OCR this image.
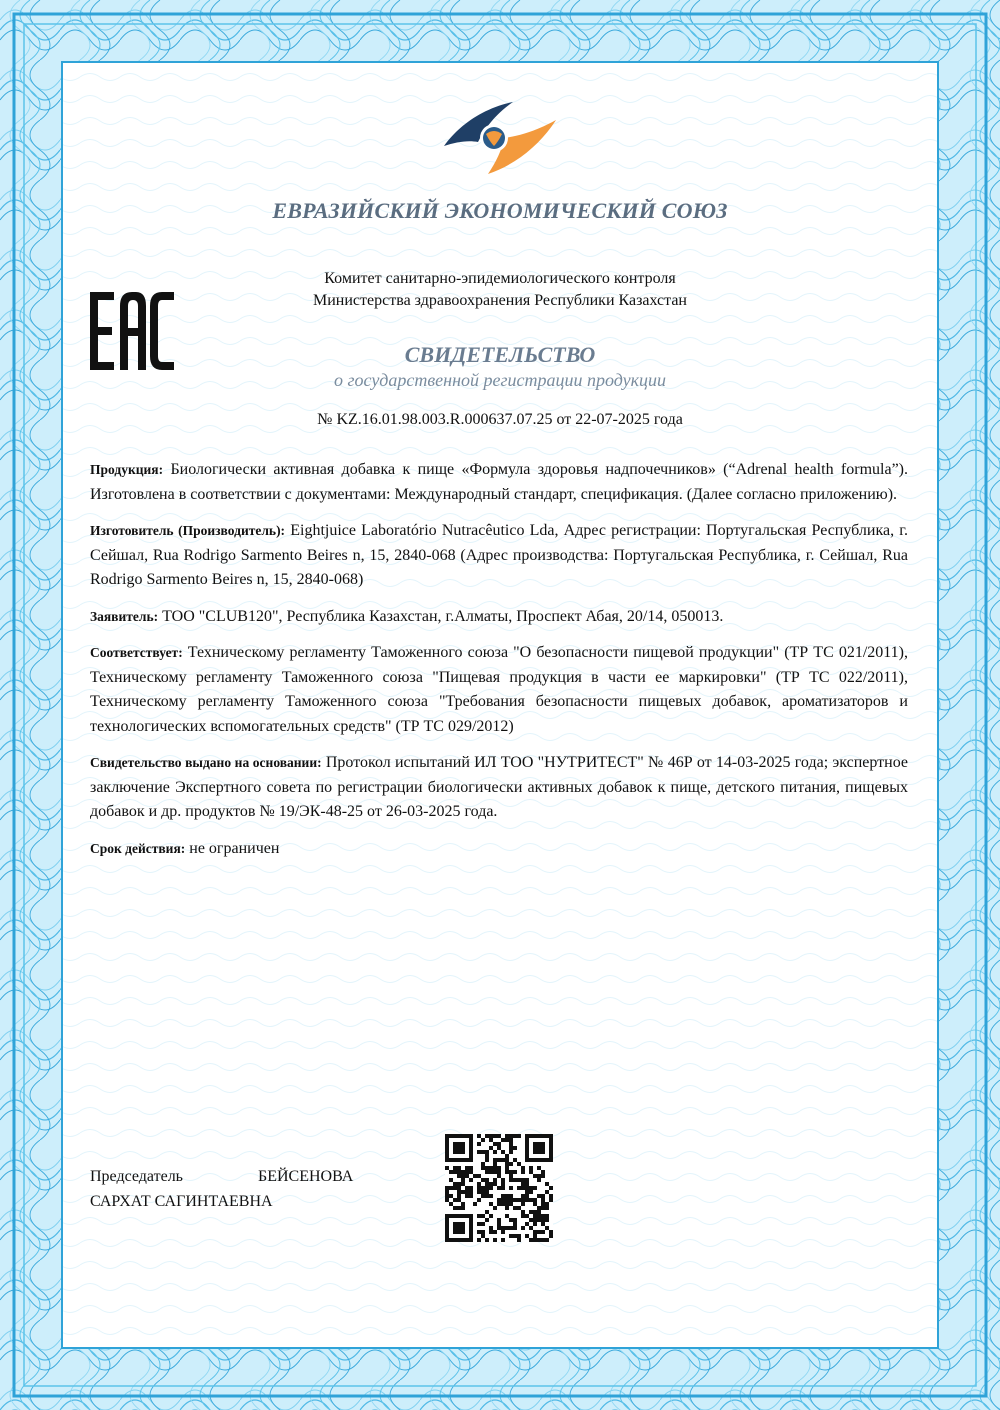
ЕВРАЗИЙСКИЙ ЭКОНОМИЧЕСКИЙ СОЮЗ
Комитет санитарно-эпидемиологического контроля
Министерства здравоохранения Республики Казахстан
СВИДЕТЕЛЬСТВО
о государственной регистрации продукции
№ KZ.16.01.98.003.R.000637.07.25 от 22-07-2025 года

Продукция: Биологически активная добавка к пище «Формула здоровья надпочечников» (“Adrenal health formula”). Изготовлена в соответствии с документами: Международный стандарт, спецификация. (Далее согласно приложению).

Изготовитель (Производитель): Eightjuice Laboratório Nutracêutico Lda, Адрес регистрации: Португальская Республика, г. Сейшал, Rua Rodrigo Sarmento Beires n, 15, 2840-068 (Адрес производства: Португальская Республика, г. Сейшал, Rua Rodrigo Sarmento Beires n, 15, 2840-068)

Заявитель: ТОО "CLUB120", Республика Казахстан, г.Алматы, Проспект Абая, 20/14, 050013.

Соответствует: Техническому регламенту Таможенного союза "О безопасности пищевой продукции" (ТР ТС 021/2011), Техническому регламенту Таможенного союза "Пищевая продукция в части ее маркировки" (ТР ТС 022/2011), Техническому регламенту Таможенного союза "Требования безопасности пищевых добавок, ароматизаторов и технологических вспомогательных средств" (ТР ТС 029/2012)

Свидетельство выдано на основании: Протокол испытаний ИЛ ТОО "НУТРИТЕСТ" № 46Р от 14-03-2025 года; экспертное заключение Экспертного совета по регистрации биологически активных добавок к пище, детского питания, пищевых добавок и др. продуктов № 19/ЭК-48-25 от 26-03-2025 года.

Срок действия: не ограничен

Председатель	БЕЙСЕНОВА
САРХАТ САГИНТАЕВНА
